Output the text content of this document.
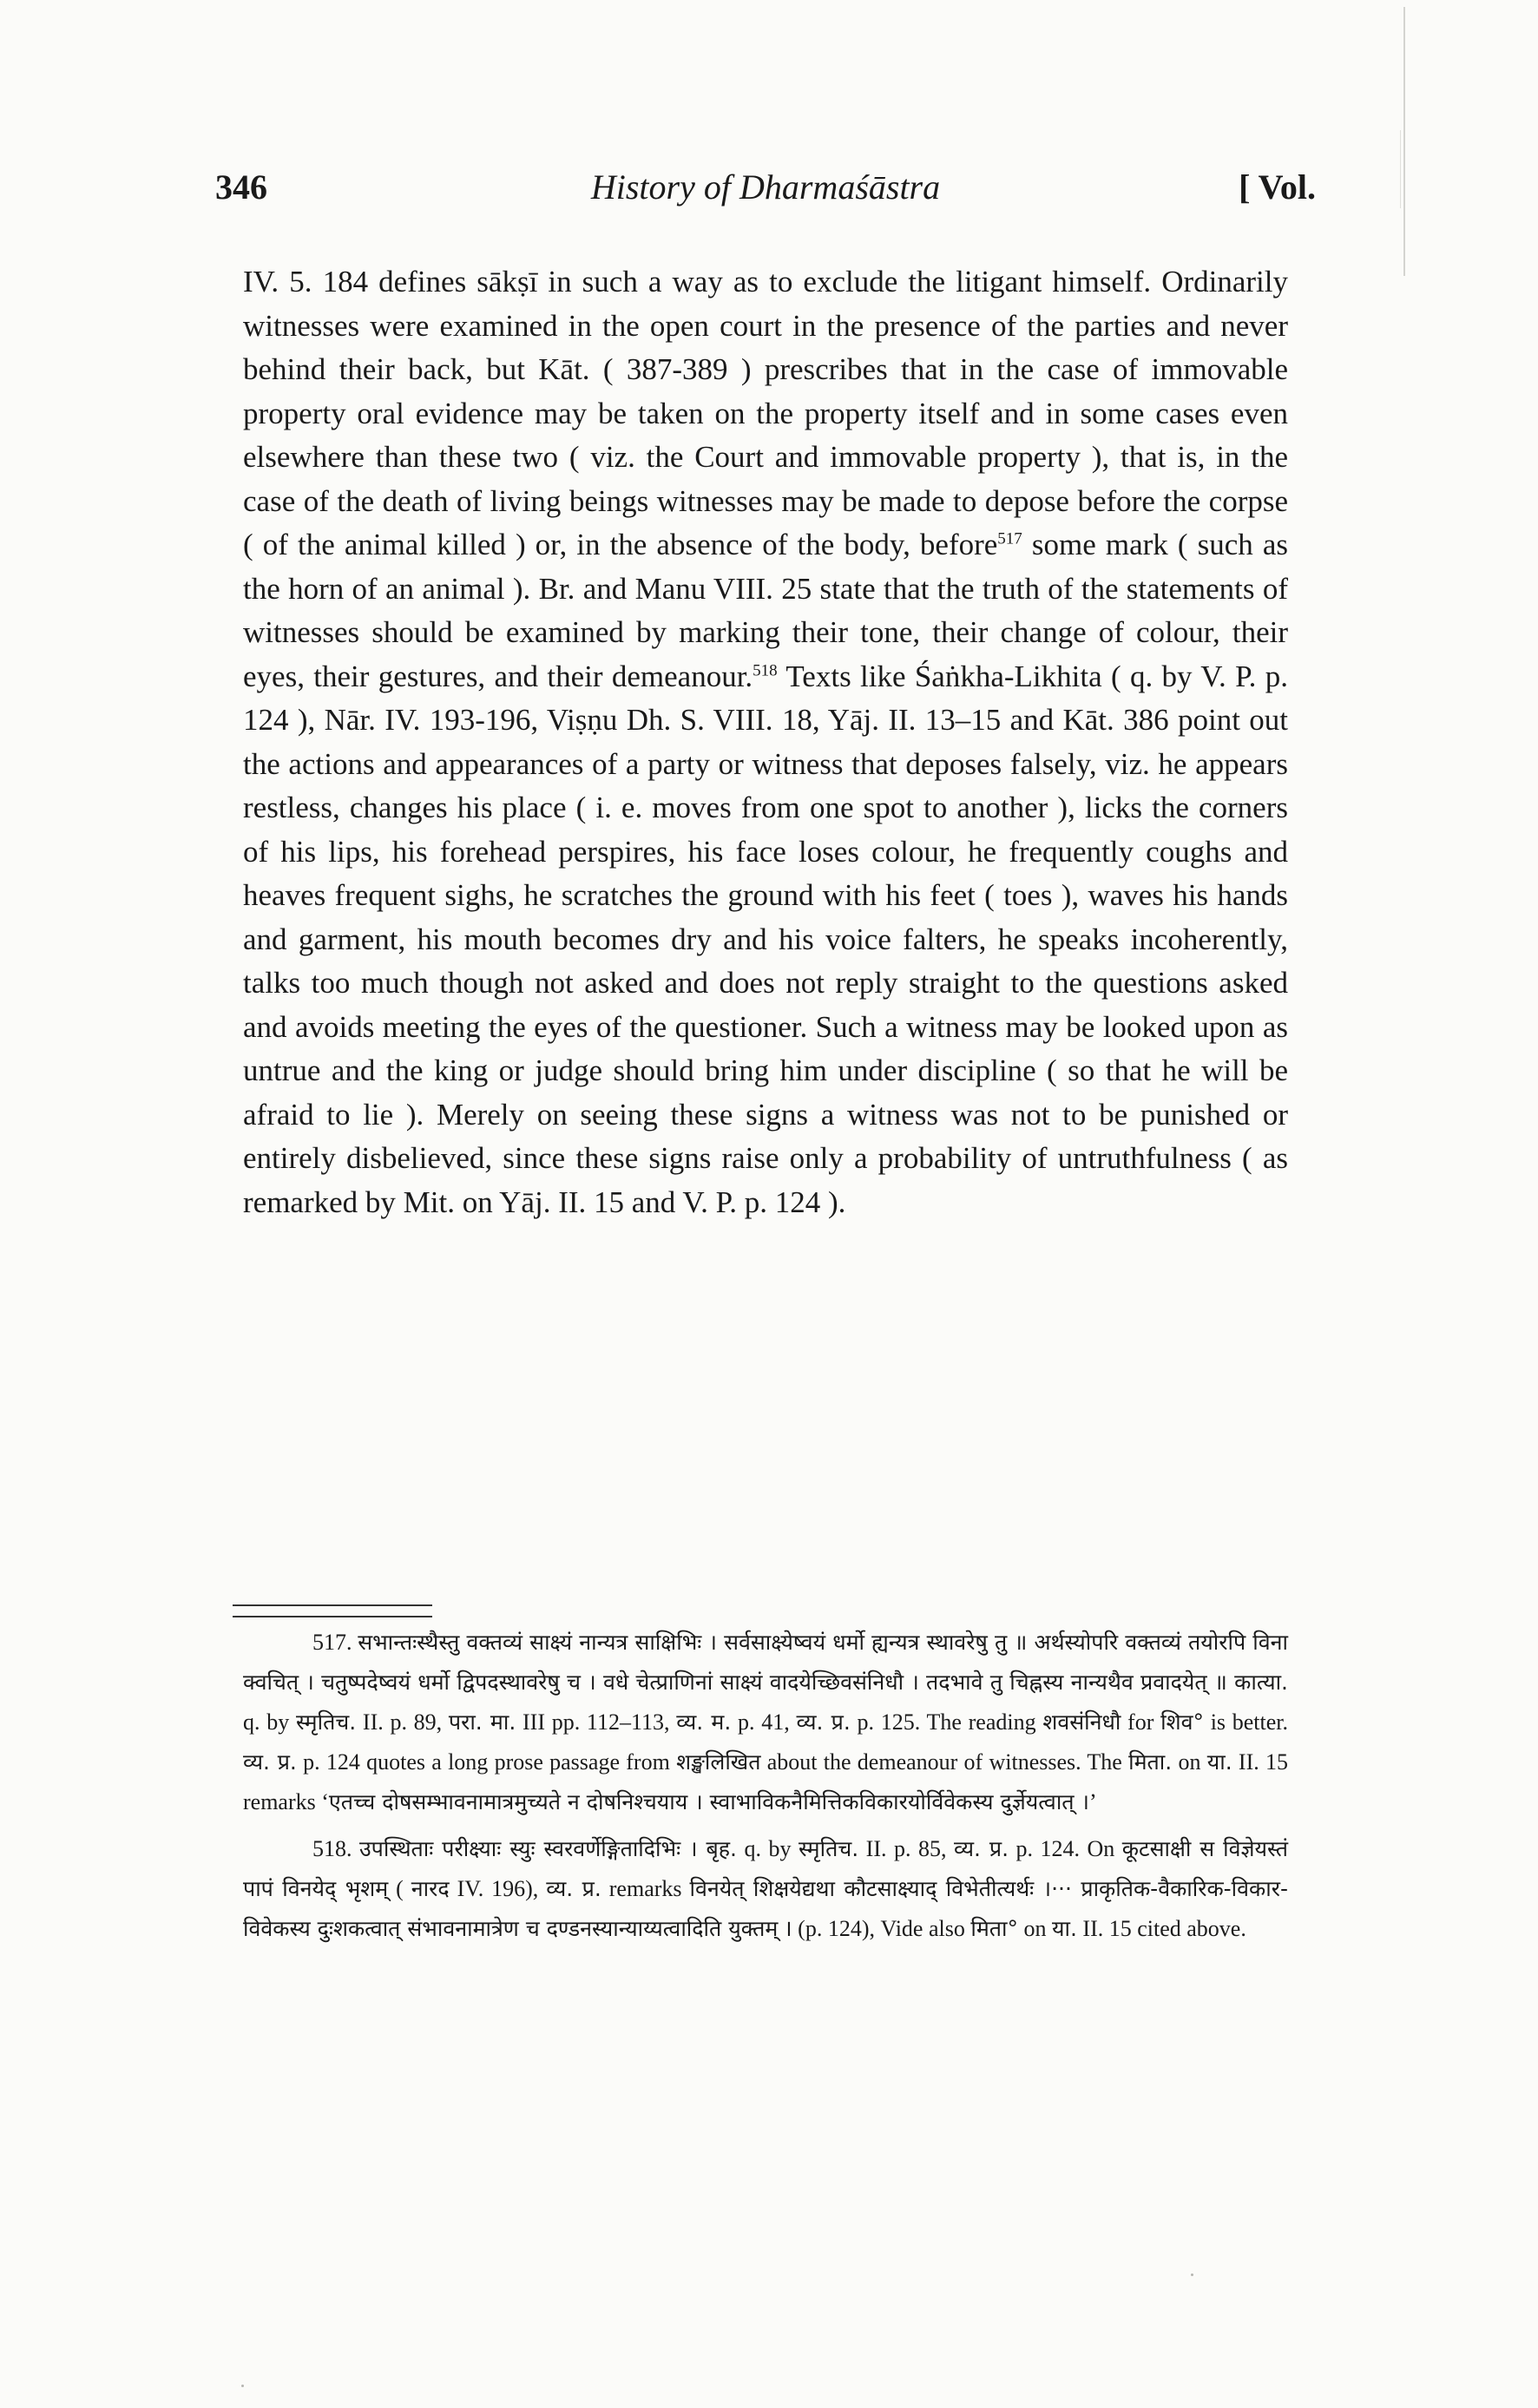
346	History of Dharmaśāstra	[ Vol.

IV. 5. 184 defines sākṣī in such a way as to exclude the litigant himself. Ordinarily witnesses were examined in the open court in the presence of the parties and never behind their back, but Kāt. ( 387-389 ) prescribes that in the case of immovable property oral evidence may be taken on the property itself and in some cases even elsewhere than these two ( viz. the Court and immovable property ), that is, in the case of the death of living beings witnesses may be made to depose before the corpse ( of the animal killed ) or, in the absence of the body, before$^{517}$ some mark ( such as the horn of an animal ). Br. and Manu VIII. 25 state that the truth of the statements of witnesses should be examined by marking their tone, their change of colour, their eyes, their gestures, and their demeanour.$^{518}$ Texts like Śaṅkha-Likhita ( q. by V. P. p. 124 ), Nār. IV. 193-196, Viṣṇu Dh. S. VIII. 18, Yāj. II. 13–15 and Kāt. 386 point out the actions and appearances of a party or witness that deposes falsely, viz. he appears restless, changes his place ( i. e. moves from one spot to another ), licks the corners of his lips, his forehead perspires, his face loses colour, he frequently coughs and heaves frequent sighs, he scratches the ground with his feet ( toes ), waves his hands and garment, his mouth becomes dry and his voice falters, he speaks incoherently, talks too much though not asked and does not reply straight to the questions asked and avoids meeting the eyes of the questioner. Such a witness may be looked upon as untrue and the king or judge should bring him under discipline ( so that he will be afraid to lie ). Merely on seeing these signs a witness was not to be punished or entirely disbelieved, since these signs raise only a probability of untruthfulness ( as remarked by Mit. on Yāj. II. 15 and V. P. p. 124 ).

517. सभान्तःस्थैस्तु वक्तव्यं साक्ष्यं नान्यत्र साक्षिभिः । सर्वसाक्ष्येष्वयं धर्मो ह्यन्यत्र स्थावरेषु तु ॥ अर्थस्योपरि वक्तव्यं तयोरपि विना क्वचित् । चतुष्पदेष्वयं धर्मो द्विपदस्थावरेषु च । वधे चेत्प्राणिनां साक्ष्यं वादयेच्छिवसंनिधौ । तदभावे तु चिह्नस्य नान्यथैव प्रवादयेत् ॥ कात्या. q. by स्मृतिच. II. p. 89, परा. मा. III pp. 112–113, व्य. म. p. 41, व्य. प्र. p. 125. The reading शवसंनिधौ for शिव° is better. व्य. प्र. p. 124 quotes a long prose passage from शङ्खलिखित about the demeanour of witnesses. The मिता. on या. II. 15 remarks ‘एतच्च दोषसम्भावनामात्रमुच्यते न दोषनिश्चयाय । स्वाभाविकनैमित्तिकविकारयोर्विवेकस्य दुर्ज्ञेयत्वात् ।’

518. उपस्थिताः परीक्ष्याः स्युः स्वरवर्णेङ्गितादिभिः । बृह. q. by स्मृतिच. II. p. 85, व्य. प्र. p. 124. On कूटसाक्षी स विज्ञेयस्तं पापं विनयेद् भृशम् ( नारद IV. 196), व्य. प्र. remarks विनयेत् शिक्षयेद्यथा कौटसाक्ष्याद् विभेतीत्यर्थः ।··· प्राकृतिक-वैकारिक-विकार-विवेकस्य दुःशकत्वात् संभावनामात्रेण च दण्डनस्यान्याय्यत्वादिति युक्तम् । (p. 124), Vide also मिता° on या. II. 15 cited above.
